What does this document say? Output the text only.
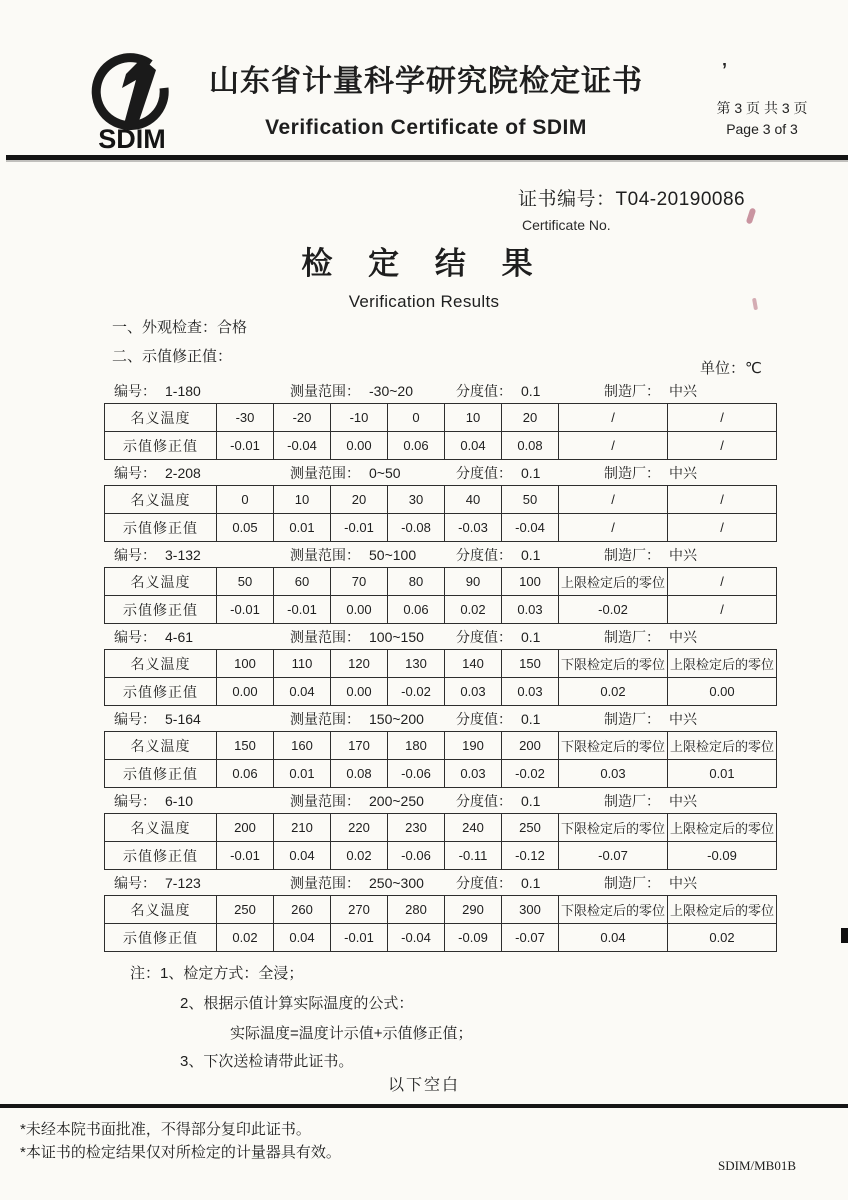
SDIM
山东省计量科学研究院检定证书
Verification Certificate of SDIM
第 3 页 共 3 页
Page 3 of 3
证书编号：T04-20190086
Certificate No.
检 定 结 果
Verification Results
一、外观检查：合格
二、示值修正值：
单位：℃
编号： 1-180	测量范围： -30~20	分度值： 0.1	制造厂： 中兴
名义温度	-30	-20	-10	0	10	20	/	/
示值修正值	-0.01	-0.04	0.00	0.06	0.04	0.08	/	/
编号： 2-208	测量范围： 0~50	分度值： 0.1	制造厂： 中兴
名义温度	0	10	20	30	40	50	/	/
示值修正值	0.05	0.01	-0.01	-0.08	-0.03	-0.04	/	/
编号： 3-132	测量范围： 50~100	分度值： 0.1	制造厂： 中兴
名义温度	50	60	70	80	90	100	上限检定后的零位	/
示值修正值	-0.01	-0.01	0.00	0.06	0.02	0.03	-0.02	/
编号： 4-61	测量范围： 100~150	分度值： 0.1	制造厂： 中兴
名义温度	100	110	120	130	140	150	下限检定后的零位	上限检定后的零位
示值修正值	0.00	0.04	0.00	-0.02	0.03	0.03	0.02	0.00
编号： 5-164	测量范围： 150~200	分度值： 0.1	制造厂： 中兴
名义温度	150	160	170	180	190	200	下限检定后的零位	上限检定后的零位
示值修正值	0.06	0.01	0.08	-0.06	0.03	-0.02	0.03	0.01
编号： 6-10	测量范围： 200~250	分度值： 0.1	制造厂： 中兴
名义温度	200	210	220	230	240	250	下限检定后的零位	上限检定后的零位
示值修正值	-0.01	0.04	0.02	-0.06	-0.11	-0.12	-0.07	-0.09
编号： 7-123	测量范围： 250~300	分度值： 0.1	制造厂： 中兴
名义温度	250	260	270	280	290	300	下限检定后的零位	上限检定后的零位
示值修正值	0.02	0.04	-0.01	-0.04	-0.09	-0.07	0.04	0.02
注：1、检定方式：全浸；
2、根据示值计算实际温度的公式：
实际温度=温度计示值+示值修正值；
3、下次送检请带此证书。
以下空白
*未经本院书面批准，不得部分复印此证书。
*本证书的检定结果仅对所检定的计量器具有效。
SDIM/MB01B
’
